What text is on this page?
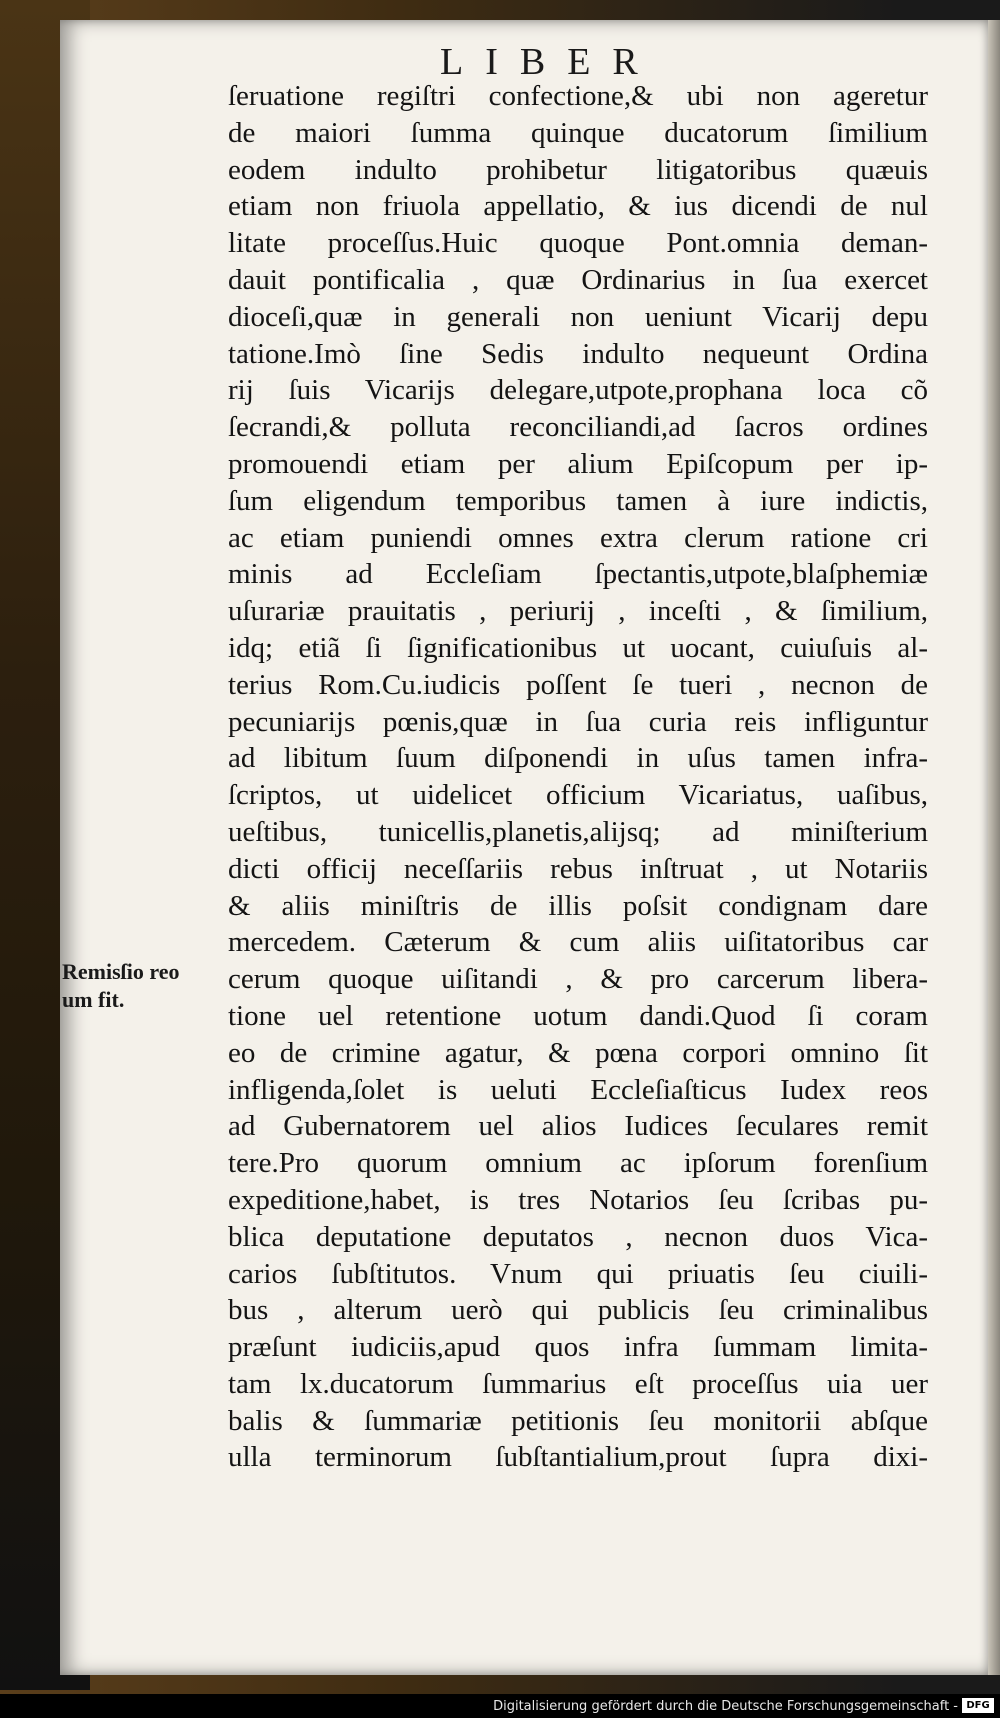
LIBER
Remisſio reo
um fit.
ſeruatione regiſtri confectione,& ubi non ageretur
de maiori ſumma quinque ducatorum ſimilium
eodem indulto prohibetur litigatoribus quæuis
etiam non friuola appellatio, & ius dicendi de nul
litate proceſſus.Huic quoque Pont.omnia deman-
dauit pontificalia , quæ Ordinarius in ſua exercet
dioceſi,quæ in generali non ueniunt Vicarij depu
tatione.Imò ſine Sedis indulto nequeunt Ordina
rij ſuis Vicarijs delegare,utpote,prophana loca cõ
ſecrandi,& polluta reconciliandi,ad ſacros ordines
promouendi etiam per alium Epiſcopum per ip-
ſum eligendum temporibus tamen à iure indictis,
ac etiam puniendi omnes extra clerum ratione cri
minis ad Eccleſiam ſpectantis,utpote,blaſphemiæ
uſurariæ prauitatis , periurij , inceſti , & ſimilium,
idq; etiã ſi ſignificationibus ut uocant, cuiuſuis al-
terius Rom.Cu.iudicis poſſent ſe tueri , necnon de
pecuniarijs pœnis,quæ in ſua curia reis infliguntur
ad libitum ſuum diſponendi in uſus tamen infra-
ſcriptos, ut uidelicet officium Vicariatus, uaſibus,
ueſtibus, tunicellis,planetis,alijsq; ad miniſterium
dicti officij neceſſariis rebus inſtruat , ut Notariis
& aliis miniſtris de illis poſsit condignam dare
mercedem. Cæterum & cum aliis uiſitatoribus car
cerum quoque uiſitandi , & pro carcerum libera-
tione uel retentione uotum dandi.Quod ſi coram
eo de crimine agatur, & pœna corpori omnino ſit
infligenda,ſolet is ueluti Eccleſiaſticus Iudex reos
ad Gubernatorem uel alios Iudices ſeculares remit
tere.Pro quorum omnium ac ipſorum forenſium
expeditione,habet, is tres Notarios ſeu ſcribas pu-
blica deputatione deputatos , necnon duos Vica-
carios ſubſtitutos. Vnum qui priuatis ſeu ciuili-
bus , alterum uerò qui publicis ſeu criminalibus
præſunt iudiciis,apud quos infra ſummam limita-
tam lx.ducatorum ſummarius eſt proceſſus uia uer
balis & ſummariæ petitionis ſeu monitorii abſque
ulla terminorum ſubſtantialium,prout ſupra dixi-
Digitalisierung gefördert durch die Deutsche Forschungsgemeinschaft - DFG
